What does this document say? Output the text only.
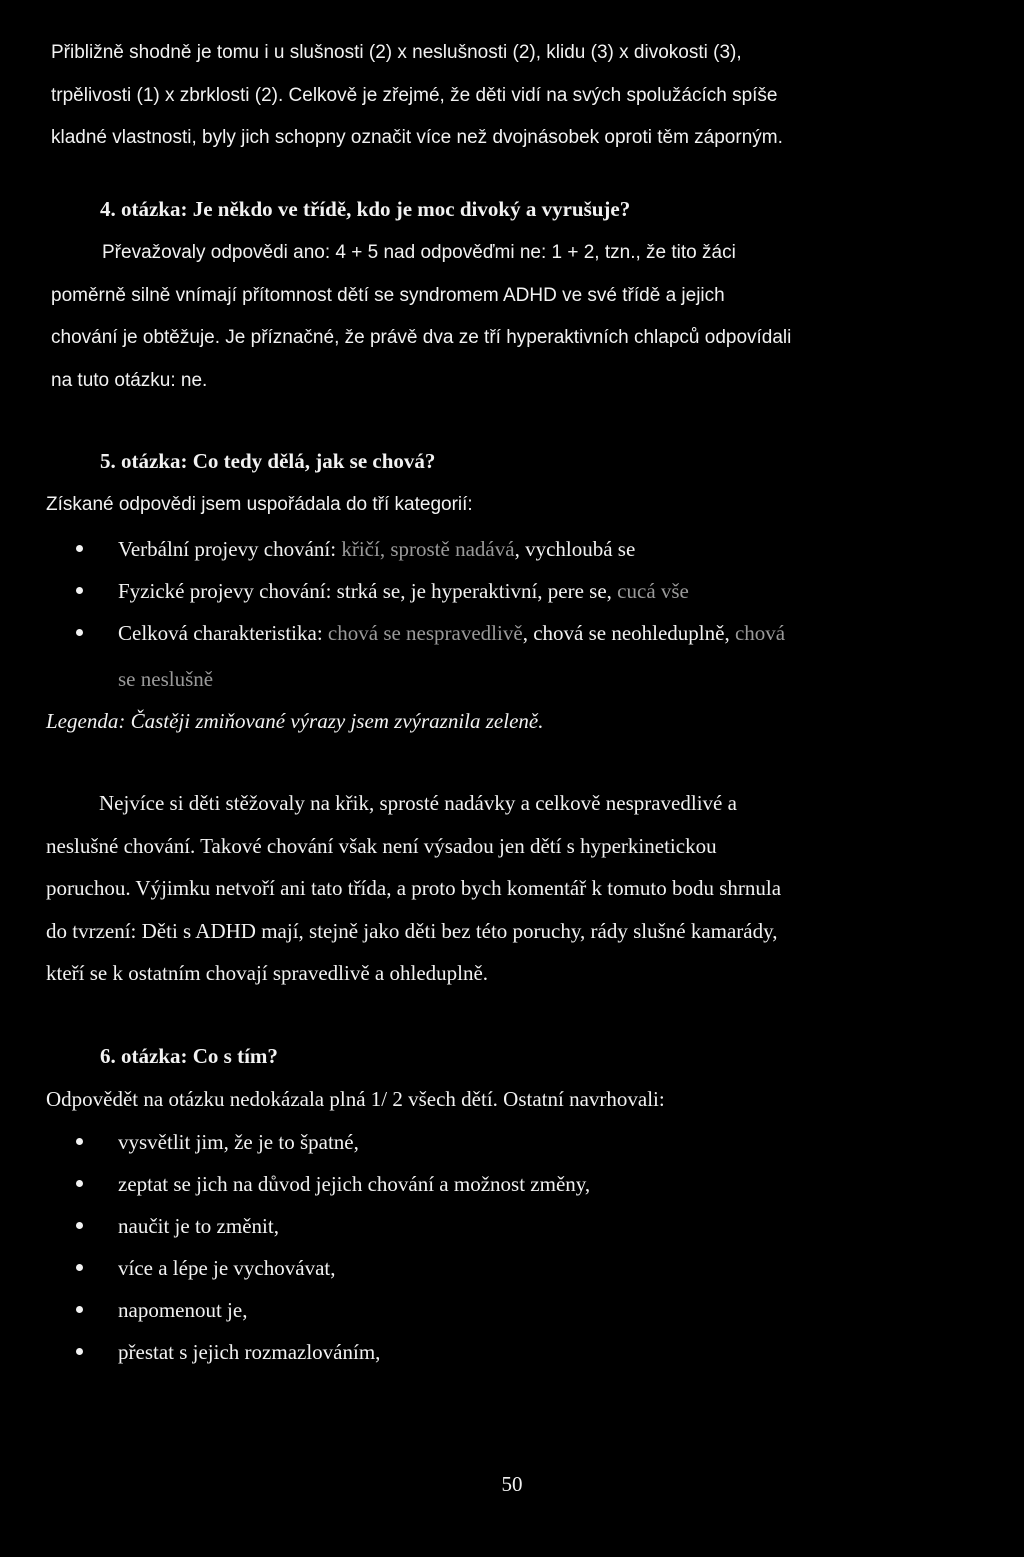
Přibližně shodně je tomu i u slušnosti (2) x neslušnosti (2), klidu (3) x divokosti (3),
trpělivosti (1) x zbrklosti (2). Celkově je zřejmé, že děti vidí na svých spolužácích spíše
kladné vlastnosti, byly jich schopny označit více než dvojnásobek oproti těm záporným.

4. otázka: Je někdo ve třídě, kdo je moc divoký a vyrušuje?

Převažovaly odpovědi ano: 4 + 5 nad odpověďmi ne: 1 + 2, tzn., že tito žáci
poměrně silně vnímají přítomnost dětí se syndromem ADHD ve své třídě a jejich
chování je obtěžuje. Je příznačné, že právě dva ze tří hyperaktivních chlapců odpovídali
na tuto otázku: ne.

5. otázka: Co tedy dělá, jak se chová?

Získané odpovědi jsem uspořádala do tří kategorií:

Verbální projevy chování: křičí, sprostě nadává, vychloubá se
Fyzické projevy chování: strká se, je hyperaktivní, pere se, cucá vše
Celková charakteristika: chová se nespravedlivě, chová se neohleduplně, chová

se neslušně

Legenda: Častěji zmiňované výrazy jsem zvýraznila zeleně.

Nejvíce si děti stěžovaly na křik, sprosté nadávky a celkově nespravedlivé a
neslušné chování. Takové chování však není výsadou jen dětí s hyperkinetickou
poruchou. Výjimku netvoří ani tato třída, a proto bych komentář k tomuto bodu shrnula
do tvrzení: Děti s ADHD mají, stejně jako děti bez této poruchy, rády slušné kamarády,
kteří se k ostatním chovají spravedlivě a ohleduplně.

6. otázka: Co s tím?

Odpovědět na otázku nedokázala plná 1/ 2 všech dětí. Ostatní navrhovali:

vysvětlit jim, že je to špatné,
zeptat se jich na důvod jejich chování a možnost změny,
naučit je to změnit,
více a lépe je vychovávat,
napomenout je,
přestat s jejich rozmazlováním,
50
